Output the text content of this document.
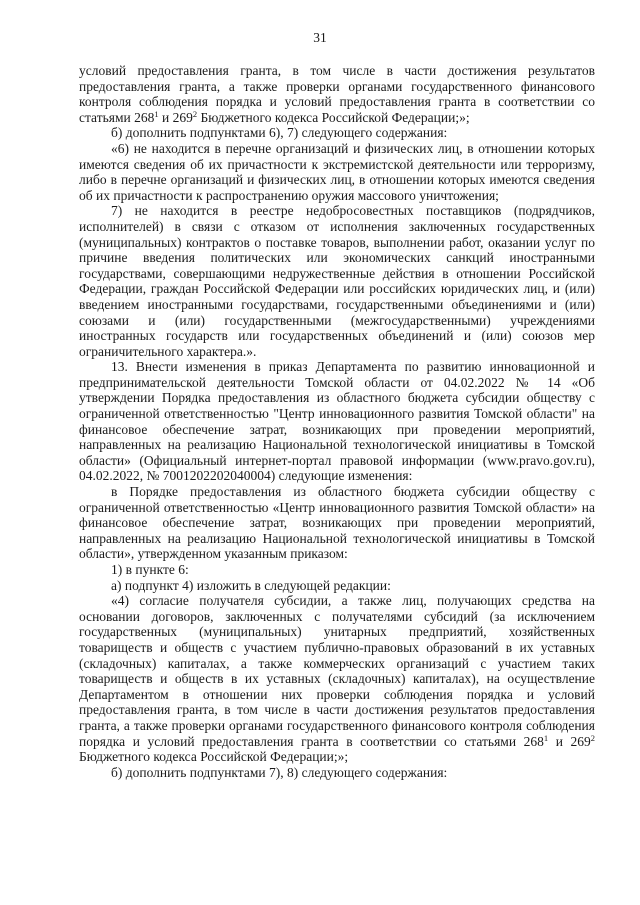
31

условий предоставления гранта, в том числе в части достижения результатов предоставления гранта, а также проверки органами государственного финансового контроля соблюдения порядка и условий предоставления гранта в соответствии со статьями $268^1$ и $269^2$ Бюджетного кодекса Российской Федерации;»;

б) дополнить подпунктами 6), 7) следующего содержания:

«6) не находится в перечне организаций и физических лиц, в отношении которых имеются сведения об их причастности к экстремистской деятельности или терроризму, либо в перечне организаций и физических лиц, в отношении которых имеются сведения об их причастности к распространению оружия массового уничтожения;

7) не находится в реестре недобросовестных поставщиков (подрядчиков, исполнителей) в связи с отказом от исполнения заключенных государственных (муниципальных) контрактов о поставке товаров, выполнении работ, оказании услуг по причине введения политических или экономических санкций иностранными государствами, совершающими недружественные действия в отношении Российской Федерации, граждан Российской Федерации или российских юридических лиц, и (или) введением иностранными государствами, государственными объединениями и (или) союзами и (или) государственными (межгосударственными) учреждениями иностранных государств или государственных объединений и (или) союзов мер ограничительного характера.».

13. Внести изменения в приказ Департамента по развитию инновационной и предпринимательской деятельности Томской области от 04.02.2022 № 14 «Об утверждении Порядка предоставления из областного бюджета субсидии обществу с ограниченной ответственностью "Центр инновационного развития Томской области" на финансовое обеспечение затрат, возникающих при проведении мероприятий, направленных на реализацию Национальной технологической инициативы в Томской области» (Официальный интернет-портал правовой информации (www.pravo.gov.ru), 04.02.2022, № 7001202202040004) следующие изменения:

в Порядке предоставления из областного бюджета субсидии обществу с ограниченной ответственностью «Центр инновационного развития Томской области» на финансовое обеспечение затрат, возникающих при проведении мероприятий, направленных на реализацию Национальной технологической инициативы в Томской области», утвержденном указанным приказом:

1) в пункте 6:

а) подпункт 4) изложить в следующей редакции:

«4) согласие получателя субсидии, а также лиц, получающих средства на основании договоров, заключенных с получателями субсидий (за исключением государственных (муниципальных) унитарных предприятий, хозяйственных товариществ и обществ с участием публично-правовых образований в их уставных (складочных) капиталах, а также коммерческих организаций с участием таких товариществ и обществ в их уставных (складочных) капиталах), на осуществление Департаментом в отношении них проверки соблюдения порядка и условий предоставления гранта, в том числе в части достижения результатов предоставления гранта, а также проверки органами государственного финансового контроля соблюдения порядка и условий предоставления гранта в соответствии со статьями $268^1$ и $269^2$ Бюджетного кодекса Российской Федерации;»;

б) дополнить подпунктами 7), 8) следующего содержания:
